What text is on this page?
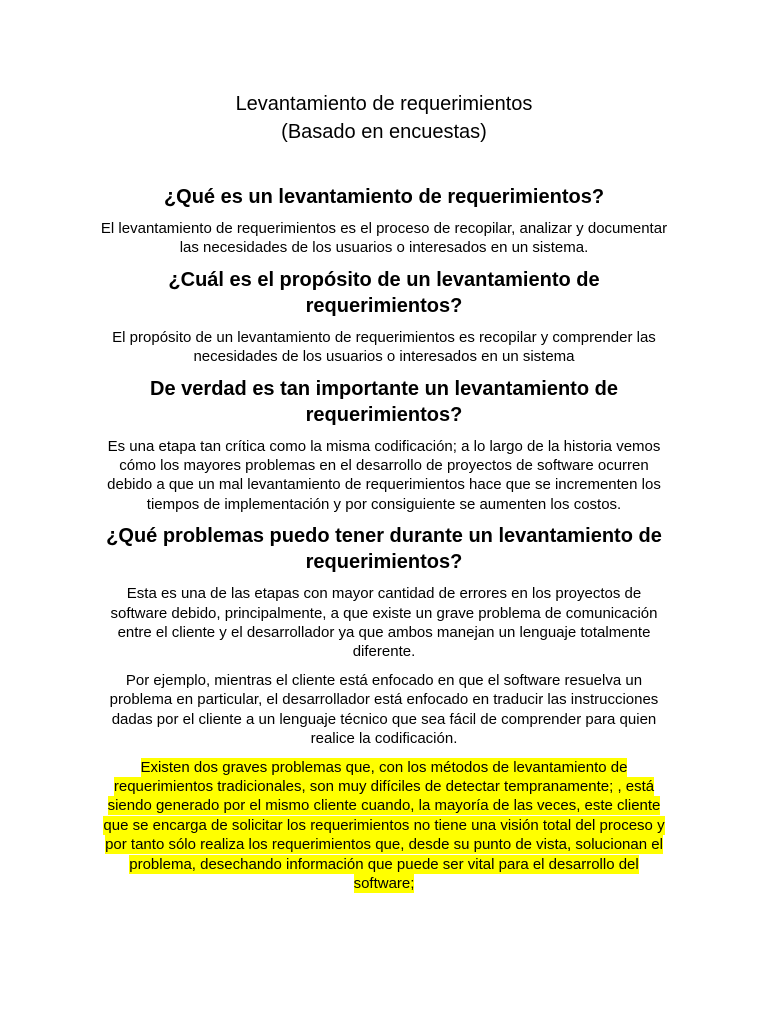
Levantamiento de requerimientos
(Basado en encuestas)
¿Qué es un levantamiento de requerimientos?

El levantamiento de requerimientos es el proceso de recopilar, analizar y documentar las necesidades de los usuarios o interesados en un sistema.

¿Cuál es el propósito de un levantamiento de requerimientos?

El propósito de un levantamiento de requerimientos es recopilar y comprender las necesidades de los usuarios o interesados en un sistema

De verdad es tan importante un levantamiento de requerimientos?

Es una etapa tan crítica como la misma codificación; a lo largo de la historia vemos cómo los mayores problemas en el desarrollo de proyectos de software ocurren debido a que un mal levantamiento de requerimientos hace que se incrementen los tiempos de implementación y por consiguiente se aumenten los costos.

¿Qué problemas puedo tener durante un levantamiento de requerimientos?

Esta es una de las etapas con mayor cantidad de errores en los proyectos de software debido, principalmente, a que existe un grave problema de comunicación entre el cliente y el desarrollador ya que ambos manejan un lenguaje totalmente diferente.

Por ejemplo, mientras el cliente está enfocado en que el software resuelva un problema en particular, el desarrollador está enfocado en traducir las instrucciones dadas por el cliente a un lenguaje técnico que sea fácil de comprender para quien realice la codificación.

Existen dos graves problemas que, con los métodos de levantamiento de requerimientos tradicionales, son muy difíciles de detectar tempranamente; , está siendo generado por el mismo cliente cuando, la mayoría de las veces, este cliente que se encarga de solicitar los requerimientos no tiene una visión total del proceso y por tanto sólo realiza los requerimientos que, desde su punto de vista, solucionan el problema, desechando información que puede ser vital para el desarrollo del software;
